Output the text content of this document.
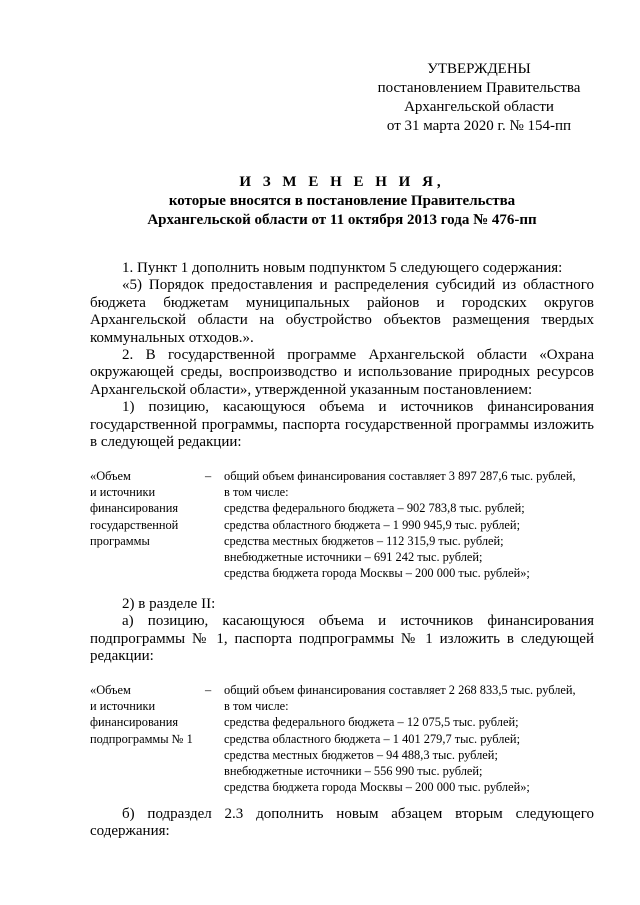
УТВЕРЖДЕНЫ
постановлением Правительства
Архангельской области
от 31 марта 2020 г. № 154-пп
И З М Е Н Е Н И Я,
которые вносятся в постановление Правительства
Архангельской области от 11 октября 2013 года № 476-пп

1. Пункт 1 дополнить новым подпунктом 5 следующего содержания:

«5) Порядок предоставления и распределения субсидий из областного бюджета бюджетам муниципальных районов и городских округов Архангельской области на обустройство объектов размещения твердых коммунальных отходов.».

2. В государственной программе Архангельской области «Охрана окружающей среды, воспроизводство и использование природных ресурсов Архангельской области», утвержденной указанным постановлением:

1) позицию, касающуюся объема и источников финансирования государственной программы, паспорта государственной программы изложить в следующей редакции:

«Объем
и источники
финансирования
государственной
программы
– общий объем финансирования составляет 3 897 287,6 тыс. рублей,
в том числе:
средства федерального бюджета – 902 783,8 тыс. рублей;
средства областного бюджета – 1 990 945,9 тыс. рублей;
средства местных бюджетов – 112 315,9 тыс. рублей;
внебюджетные источники – 691 242 тыс. рублей;
средства бюджета города Москвы – 200 000 тыс. рублей»;

2) в разделе II:

а) позицию, касающуюся объема и источников финансирования подпрограммы № 1, паспорта подпрограммы № 1 изложить в следующей редакции:

«Объем
и источники
финансирования
подпрограммы № 1
– общий объем финансирования составляет 2 268 833,5 тыс. рублей,
в том числе:
средства федерального бюджета – 12 075,5 тыс. рублей;
средства областного бюджета – 1 401 279,7 тыс. рублей;
средства местных бюджетов – 94 488,3 тыс. рублей;
внебюджетные источники – 556 990 тыс. рублей;
средства бюджета города Москвы – 200 000 тыс. рублей»;

б) подраздел 2.3 дополнить новым абзацем вторым следующего содержания:
